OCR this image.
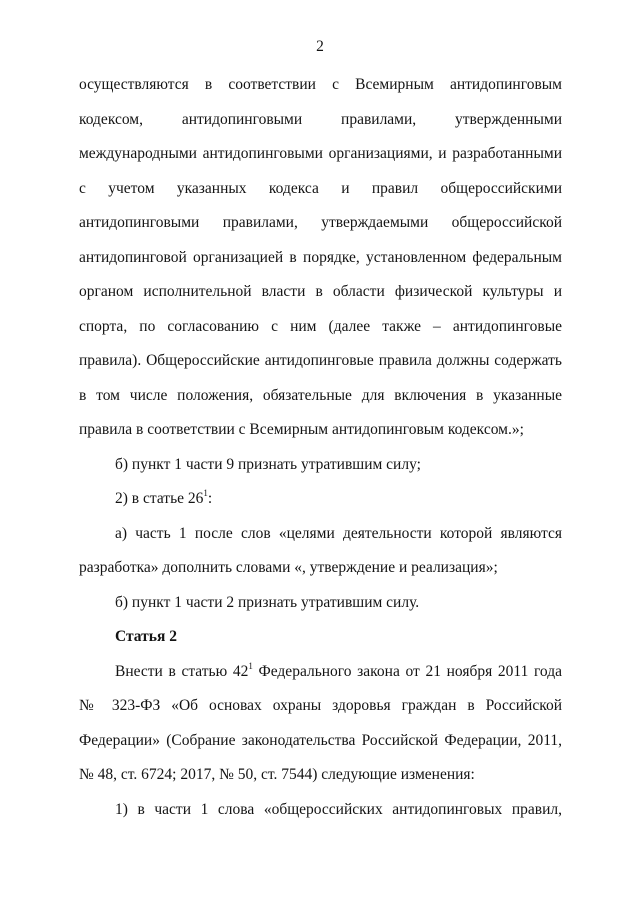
2

осуществляются в соответствии с Всемирным антидопинговым кодексом, антидопинговыми правилами, утвержденными международными антидопинговыми организациями, и разработанными с учетом указанных кодекса и правил общероссийскими антидопинговыми правилами, утверждаемыми общероссийской антидопинговой организацией в порядке, установленном федеральным органом исполнительной власти в области физической культуры и спорта, по согласованию с ним (далее также – антидопинговые правила). Общероссийские антидопинговые правила должны содержать в том числе положения, обязательные для включения в указанные правила в соответствии с Всемирным антидопинговым кодексом.»;

б) пункт 1 части 9 признать утратившим силу;

2) в статье $26^1$:

а) часть 1 после слов «целями деятельности которой являются разработка» дополнить словами «, утверждение и реализация»;

б) пункт 1 части 2 признать утратившим силу.

Статья 2

Внести в статью $42^1$ Федерального закона от 21 ноября 2011 года № 323-ФЗ «Об основах охраны здоровья граждан в Российской Федерации» (Собрание законодательства Российской Федерации, 2011, № 48, ст. 6724; 2017, № 50, ст. 7544) следующие изменения:

1) в части 1 слова «общероссийских антидопинговых правил,
